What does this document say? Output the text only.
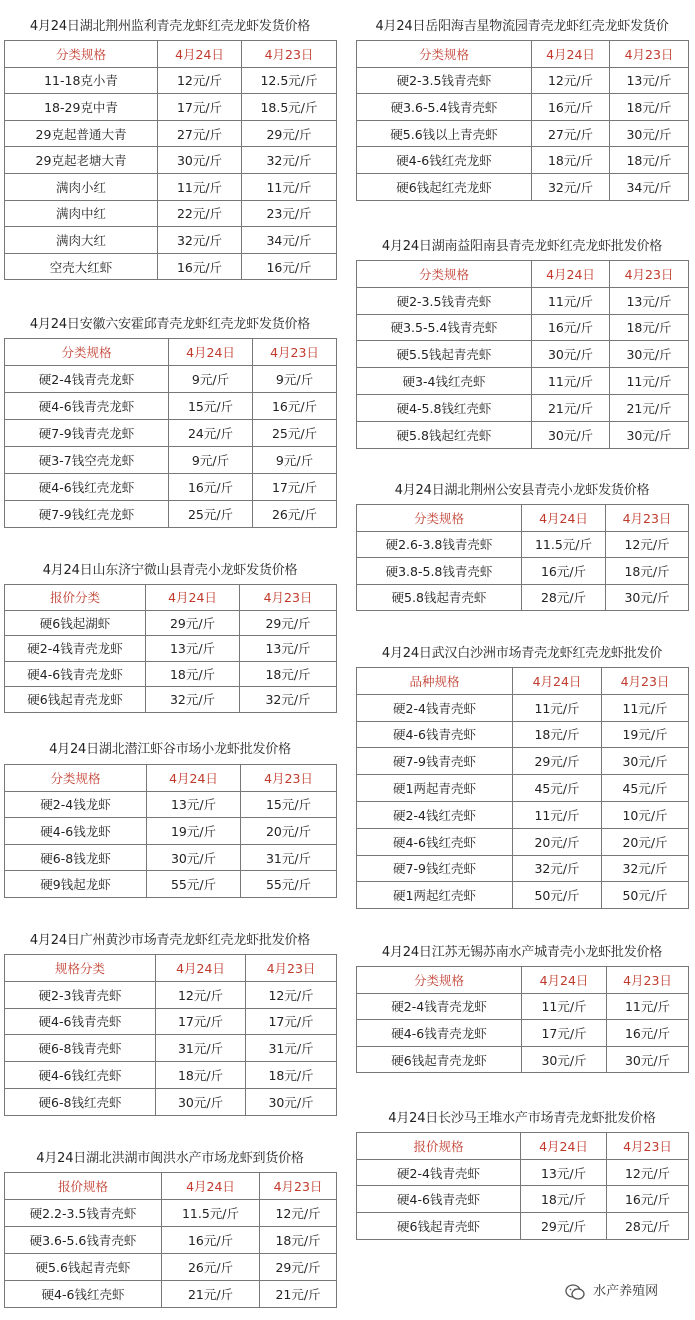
4月24日湖北荆州监利青壳龙虾红壳龙虾发货价格
分类规格	4月24日	4月23日
11-18克小青	12元/斤	12.5元/斤
18-29克中青	17元/斤	18.5元/斤
29克起普通大青	27元/斤	29元/斤
29克起老塘大青	30元/斤	32元/斤
满肉小红	11元/斤	11元/斤
满肉中红	22元/斤	23元/斤
满肉大红	32元/斤	34元/斤
空壳大红虾	16元/斤	16元/斤
4月24日安徽六安霍邱青壳龙虾红壳龙虾发货价格
分类规格	4月24日	4月23日
硬2-4钱青壳龙虾	9元/斤	9元/斤
硬4-6钱青壳龙虾	15元/斤	16元/斤
硬7-9钱青壳龙虾	24元/斤	25元/斤
硬3-7钱空壳龙虾	9元/斤	9元/斤
硬4-6钱红壳龙虾	16元/斤	17元/斤
硬7-9钱红壳龙虾	25元/斤	26元/斤
4月24日山东济宁微山县青壳小龙虾发货价格
报价分类	4月24日	4月23日
硬6钱起湖虾	29元/斤	29元/斤
硬2-4钱青壳龙虾	13元/斤	13元/斤
硬4-6钱青壳龙虾	18元/斤	18元/斤
硬6钱起青壳龙虾	32元/斤	32元/斤
4月24日湖北潜江虾谷市场小龙虾批发价格
分类规格	4月24日	4月23日
硬2-4钱龙虾	13元/斤	15元/斤
硬4-6钱龙虾	19元/斤	20元/斤
硬6-8钱龙虾	30元/斤	31元/斤
硬9钱起龙虾	55元/斤	55元/斤
4月24日广州黄沙市场青壳龙虾红壳龙虾批发价格
规格分类	4月24日	4月23日
硬2-3钱青壳虾	12元/斤	12元/斤
硬4-6钱青壳虾	17元/斤	17元/斤
硬6-8钱青壳虾	31元/斤	31元/斤
硬4-6钱红壳虾	18元/斤	18元/斤
硬6-8钱红壳虾	30元/斤	30元/斤
4月24日湖北洪湖市闽洪水产市场龙虾到货价格
报价规格	4月24日	4月23日
硬2.2-3.5钱青壳虾	11.5元/斤	12元/斤
硬3.6-5.6钱青壳虾	16元/斤	18元/斤
硬5.6钱起青壳虾	26元/斤	29元/斤
硬4-6钱红壳虾	21元/斤	21元/斤
4月24日岳阳海吉星物流园青壳龙虾红壳龙虾发货价
分类规格	4月24日	4月23日
硬2-3.5钱青壳虾	12元/斤	13元/斤
硬3.6-5.4钱青壳虾	16元/斤	18元/斤
硬5.6钱以上青壳虾	27元/斤	30元/斤
硬4-6钱红壳龙虾	18元/斤	18元/斤
硬6钱起红壳龙虾	32元/斤	34元/斤
4月24日湖南益阳南县青壳龙虾红壳龙虾批发价格
分类规格	4月24日	4月23日
硬2-3.5钱青壳虾	11元/斤	13元/斤
硬3.5-5.4钱青壳虾	16元/斤	18元/斤
硬5.5钱起青壳虾	30元/斤	30元/斤
硬3-4钱红壳虾	11元/斤	11元/斤
硬4-5.8钱红壳虾	21元/斤	21元/斤
硬5.8钱起红壳虾	30元/斤	30元/斤
4月24日湖北荆州公安县青壳小龙虾发货价格
分类规格	4月24日	4月23日
硬2.6-3.8钱青壳虾	11.5元/斤	12元/斤
硬3.8-5.8钱青壳虾	16元/斤	18元/斤
硬5.8钱起青壳虾	28元/斤	30元/斤
4月24日武汉白沙洲市场青壳龙虾红壳龙虾批发价
品种规格	4月24日	4月23日
硬2-4钱青壳虾	11元/斤	11元/斤
硬4-6钱青壳虾	18元/斤	19元/斤
硬7-9钱青壳虾	29元/斤	30元/斤
硬1两起青壳虾	45元/斤	45元/斤
硬2-4钱红壳虾	11元/斤	10元/斤
硬4-6钱红壳虾	20元/斤	20元/斤
硬7-9钱红壳虾	32元/斤	32元/斤
硬1两起红壳虾	50元/斤	50元/斤
4月24日江苏无锡苏南水产城青壳小龙虾批发价格
分类规格	4月24日	4月23日
硬2-4钱青壳龙虾	11元/斤	11元/斤
硬4-6钱青壳龙虾	17元/斤	16元/斤
硬6钱起青壳龙虾	30元/斤	30元/斤
4月24日长沙马王堆水产市场青壳龙虾批发价格
报价规格	4月24日	4月23日
硬2-4钱青壳虾	13元/斤	12元/斤
硬4-6钱青壳虾	18元/斤	16元/斤
硬6钱起青壳虾	29元/斤	28元/斤
水产养殖网
